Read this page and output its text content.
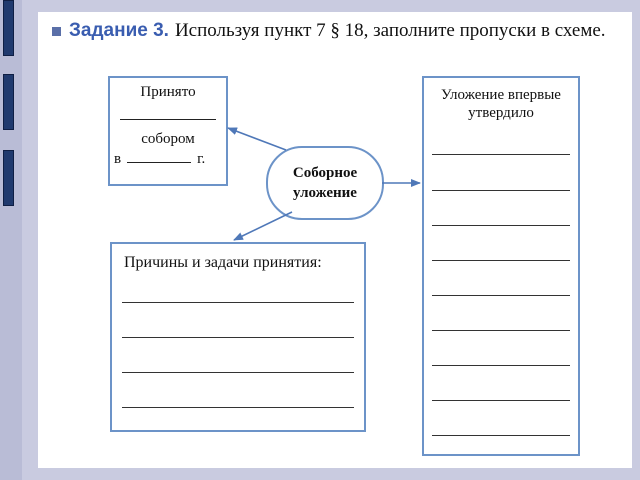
Задание 3. Используя пункт 7 § 18, заполните пропуски в схеме.
Принято
собором
в	г.
Соборное
уложение
Причины и задачи принятия:
Уложение впервые
утвердило
